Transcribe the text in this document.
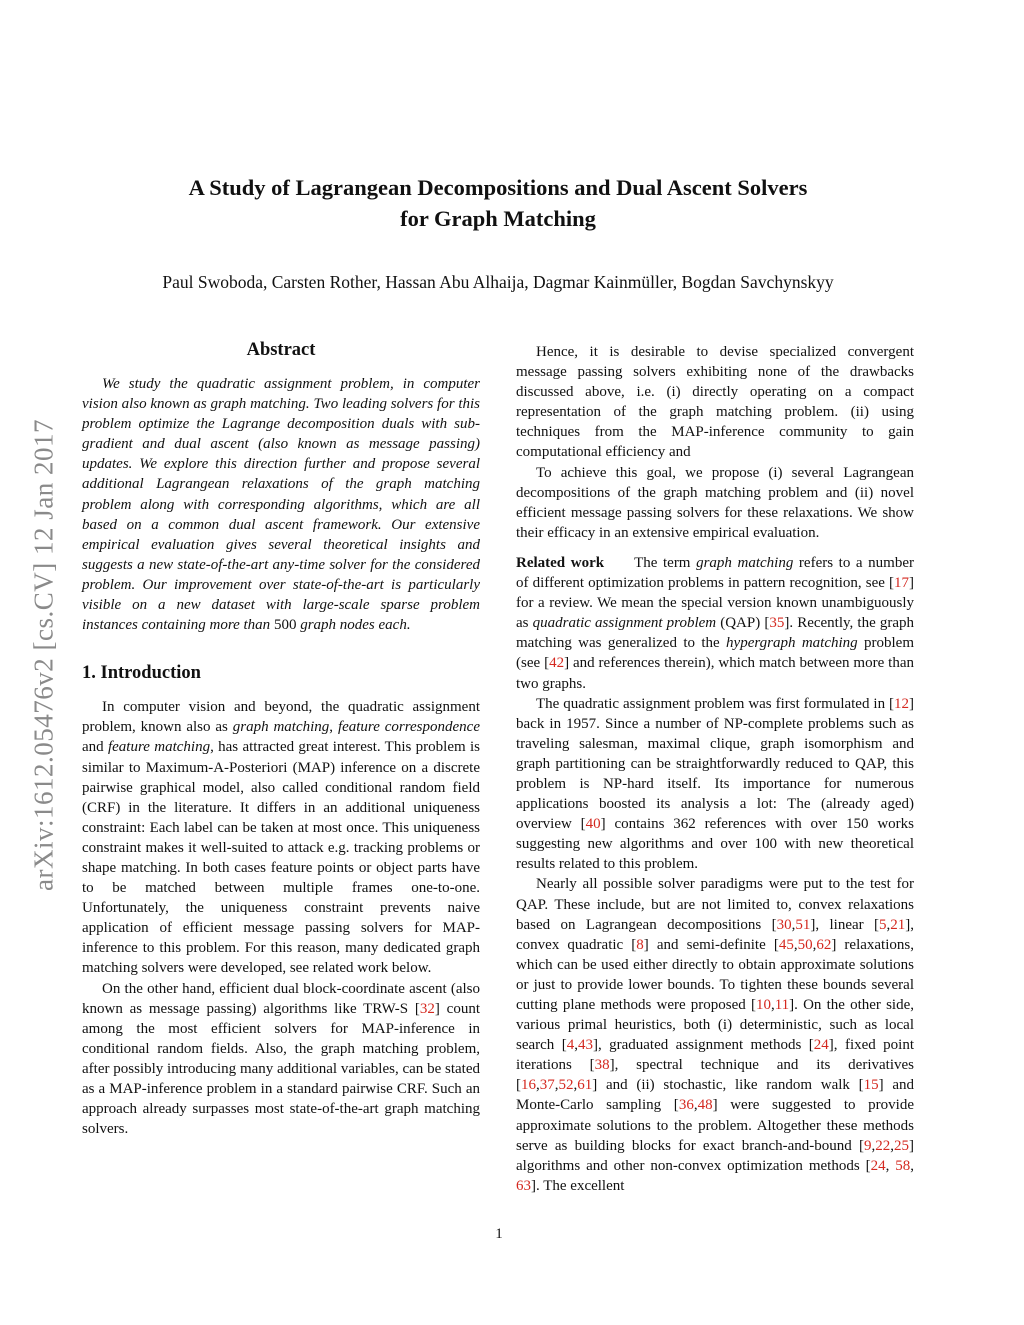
arXiv:1612.05476v2 [cs.CV] 12 Jan 2017
A Study of Lagrangean Decompositions and Dual Ascent Solvers
for Graph Matching

Paul Swoboda, Carsten Rother, Hassan Abu Alhaija, Dagmar Kainmüller, Bogdan Savchynskyy

Abstract

We study the quadratic assignment problem, in computer vision also known as graph matching. Two leading solvers for this problem optimize the Lagrange decomposition duals with sub-gradient and dual ascent (also known as message passing) updates. We explore this direction further and propose several additional Lagrangean relaxations of the graph matching problem along with corresponding algorithms, which are all based on a common dual ascent framework. Our extensive empirical evaluation gives several theoretical insights and suggests a new state-of-the-art any-time solver for the considered problem. Our improvement over state-of-the-art is particularly visible on a new dataset with large-scale sparse problem instances containing more than 500 graph nodes each.

1. Introduction

In computer vision and beyond, the quadratic assignment problem, known also as graph matching, feature correspondence and feature matching, has attracted great interest. This problem is similar to Maximum-A-Posteriori (MAP) inference on a discrete pairwise graphical model, also called conditional random field (CRF) in the literature. It differs in an additional uniqueness constraint: Each label can be taken at most once. This uniqueness constraint makes it well-suited to attack e.g. tracking problems or shape matching. In both cases feature points or object parts have to be matched between multiple frames one-to-one. Unfortunately, the uniqueness constraint prevents naive application of efficient message passing solvers for MAP-inference to this problem. For this reason, many dedicated graph matching solvers were developed, see related work below.

On the other hand, efficient dual block-coordinate ascent (also known as message passing) algorithms like TRW-S [32] count among the most efficient solvers for MAP-inference in conditional random fields. Also, the graph matching problem, after possibly introducing many additional variables, can be stated as a MAP-inference problem in a standard pairwise CRF. Such an approach already surpasses most state-of-the-art graph matching solvers.

Hence, it is desirable to devise specialized convergent message passing solvers exhibiting none of the drawbacks discussed above, i.e. (i) directly operating on a compact representation of the graph matching problem. (ii) using techniques from the MAP-inference community to gain computational efficiency and

To achieve this goal, we propose (i) several Lagrangean decompositions of the graph matching problem and (ii) novel efficient message passing solvers for these relaxations. We show their efficacy in an extensive empirical evaluation.

Related work The term graph matching refers to a number of different optimization problems in pattern recognition, see [17] for a review. We mean the special version known unambiguously as quadratic assignment problem (QAP) [35]. Recently, the graph matching was generalized to the hypergraph matching problem (see [42] and references therein), which match between more than two graphs.

The quadratic assignment problem was first formulated in [12] back in 1957. Since a number of NP-complete problems such as traveling salesman, maximal clique, graph isomorphism and graph partitioning can be straightforwardly reduced to QAP, this problem is NP-hard itself. Its importance for numerous applications boosted its analysis a lot: The (already aged) overview [40] contains 362 references with over 150 works suggesting new algorithms and over 100 with new theoretical results related to this problem.

Nearly all possible solver paradigms were put to the test for QAP. These include, but are not limited to, convex relaxations based on Lagrangean decompositions [30,51], linear [5,21], convex quadratic [8] and semi-definite [45,50,62] relaxations, which can be used either directly to obtain approximate solutions or just to provide lower bounds. To tighten these bounds several cutting plane methods were proposed [10,11]. On the other side, various primal heuristics, both (i) deterministic, such as local search [4,43], graduated assignment methods [24], fixed point iterations [38], spectral technique and its derivatives [16,37,52,61] and (ii) stochastic, like random walk [15] and Monte-Carlo sampling [36,48] were suggested to provide approximate solutions to the problem. Altogether these methods serve as building blocks for exact branch-and-bound [9,22,25] algorithms and other non-convex optimization methods [24, 58, 63]. The excellent

1
